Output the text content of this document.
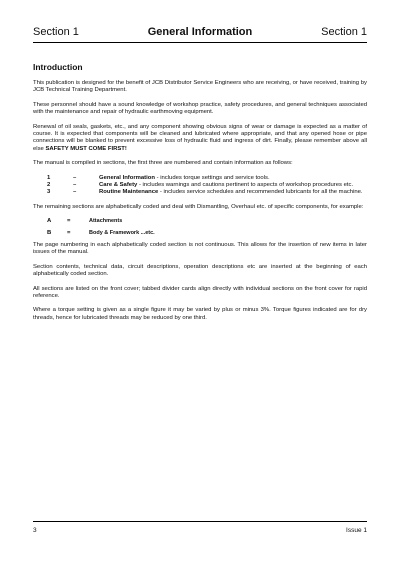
Section 1	General Information	Section 1
Introduction

This publication is designed for the benefit of JCB Distributor Service Engineers who are receiving, or have received, training by JCB Technical Training Department.

These personnel should have a sound knowledge of workshop practice, safety procedures, and general techniques associated with the maintenance and repair of hydraulic earthmoving equipment.

Renewal of oil seals, gaskets, etc., and any component showing obvious signs of wear or damage is expected as a matter of course. It is expected that components will be cleaned and lubricated where appropriate, and that any opened hose or pipe connections will be blanked to prevent excessive loss of hydraulic fluid and ingress of dirt. Finally, please remember above all else SAFETY MUST COME FIRST!

The manual is compiled in sections, the first three are numbered and contain information as follows:

1	–	General Information - includes torque settings and service tools.
2	–	Care & Safety - includes warnings and cautions pertinent to aspects of workshop procedures etc.
3	–	Routine Maintenance - includes service schedules and recommended lubricants for all the machine.

The remaining sections are alphabetically coded and deal with Dismantling, Overhaul etc. of specific components, for example:

A	=	Attachments
B	=	Body & Framework ...etc.

The page numbering in each alphabetically coded section is not continuous. This allows for the insertion of new items in later issues of the manual.

Section contents, technical data, circuit descriptions, operation descriptions etc are inserted at the beginning of each alphabetically coded section.

All sections are listed on the front cover; tabbed divider cards align directly with individual sections on the front cover for rapid reference.

Where a torque setting is given as a single figure it may be varied by plus or minus 3%. Torque figures indicated are for dry threads, hence for lubricated threads may be reduced by one third.

3	Issue 1
